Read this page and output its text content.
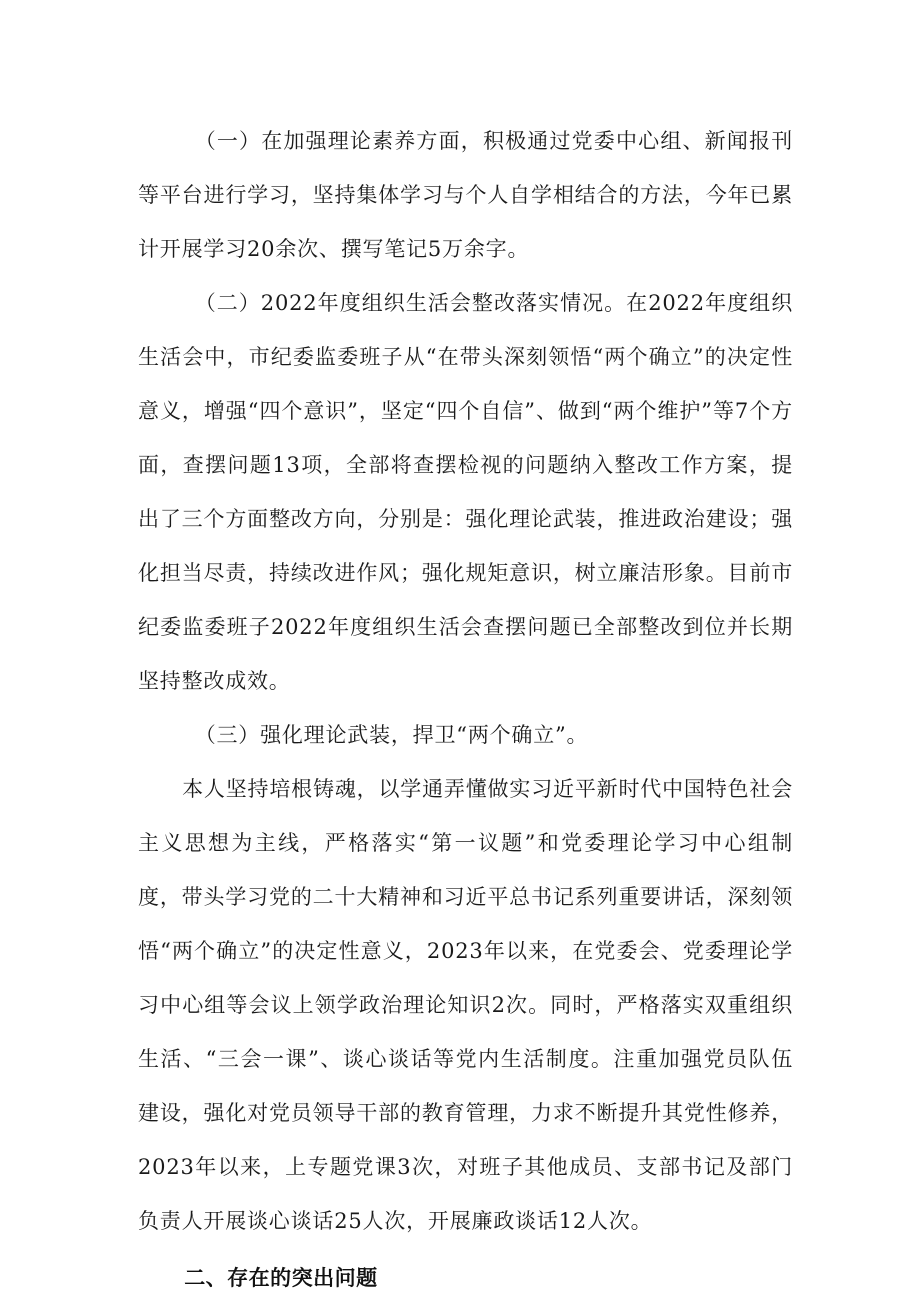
（一）在加强理论素养方面，积极通过党委中心组、新闻报刊等平台进行学习，坚持集体学习与个人自学相结合的方法，今年已累计开展学习20余次、撰写笔记5万余字。

（二）2022年度组织生活会整改落实情况。在2022年度组织生活会中，市纪委监委班子从“在带头深刻领悟“两个确立”的决定性意义，增强“四个意识”，坚定“四个自信”、做到“两个维护”等7个方面，查摆问题13项，全部将查摆检视的问题纳入整改工作方案，提出了三个方面整改方向，分别是：强化理论武装，推进政治建设；强化担当尽责，持续改进作风；强化规矩意识，树立廉洁形象。目前市纪委监委班子2022年度组织生活会查摆问题已全部整改到位并长期坚持整改成效。

（三）强化理论武装，捍卫“两个确立”。

本人坚持培根铸魂，以学通弄懂做实习近平新时代中国特色社会主义思想为主线，严格落实“第一议题”和党委理论学习中心组制度，带头学习党的二十大精神和习近平总书记系列重要讲话，深刻领悟“两个确立”的决定性意义，2023年以来，在党委会、党委理论学习中心组等会议上领学政治理论知识2次。同时，严格落实双重组织生活、“三会一课”、谈心谈话等党内生活制度。注重加强党员队伍建设，强化对党员领导干部的教育管理，力求不断提升其党性修养，2023年以来，上专题党课3次，对班子其他成员、支部书记及部门负责人开展谈心谈话25人次，开展廉政谈话12人次。

二、存在的突出问题
